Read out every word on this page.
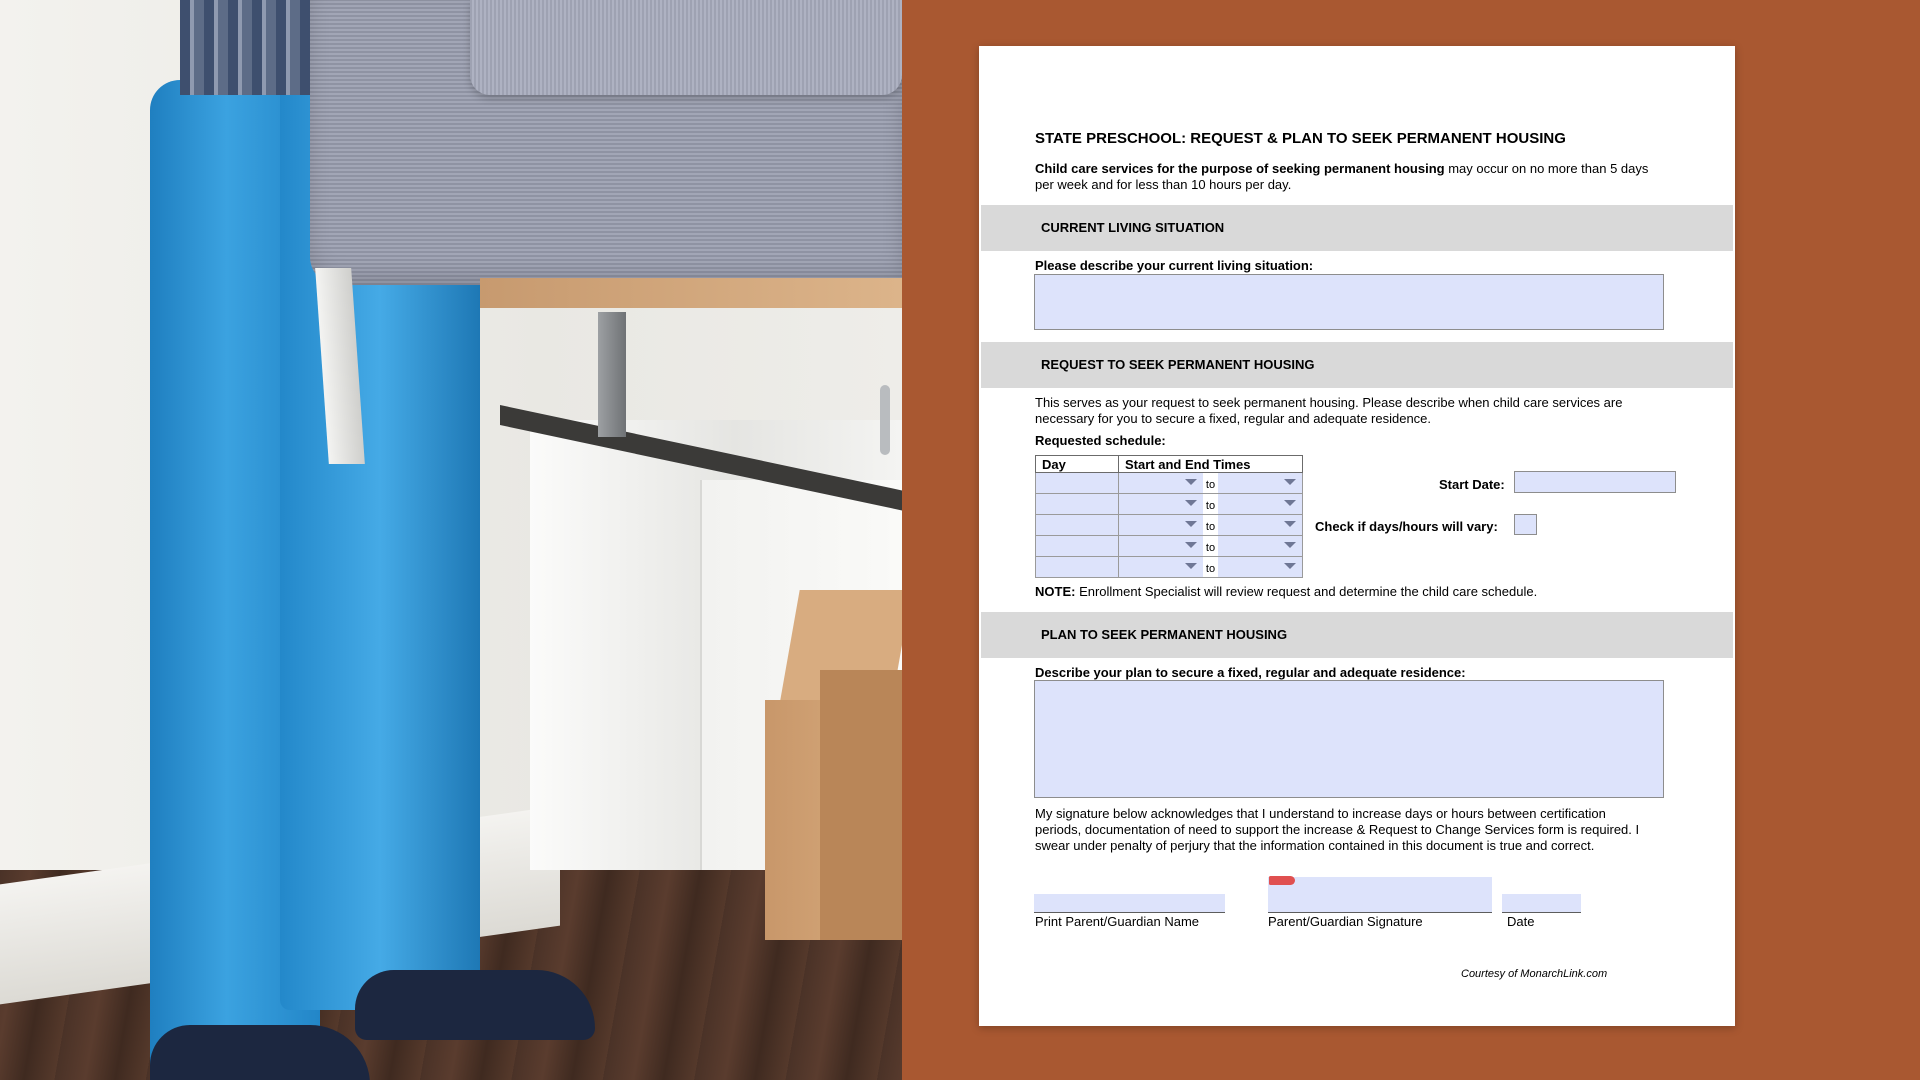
STATE PRESCHOOL: REQUEST & PLAN TO SEEK PERMANENT HOUSING
Child care services for the purpose of seeking permanent housing may occur on no more than 5 days per week and for less than 10 hours per day.
CURRENT LIVING SITUATION
Please describe your current living situation:
REQUEST TO SEEK PERMANENT HOUSING
This serves as your request to seek permanent housing. Please describe when child care services are necessary for you to secure a fixed, regular and adequate residence.
Requested schedule:
Day	Start and End Times

	to

	to

	to

	to

	to
Start Date:
Check if days/hours will vary:
NOTE: Enrollment Specialist will review request and determine the child care schedule.
PLAN TO SEEK PERMANENT HOUSING
Describe your plan to secure a fixed, regular and adequate residence:
My signature below acknowledges that I understand to increase days or hours between certification periods, documentation of need to support the increase & Request to Change Services form is required. I swear under penalty of perjury that the information contained in this document is true and correct.
Print Parent/Guardian Name	Parent/Guardian Signature	Date
Courtesy of MonarchLink.com
